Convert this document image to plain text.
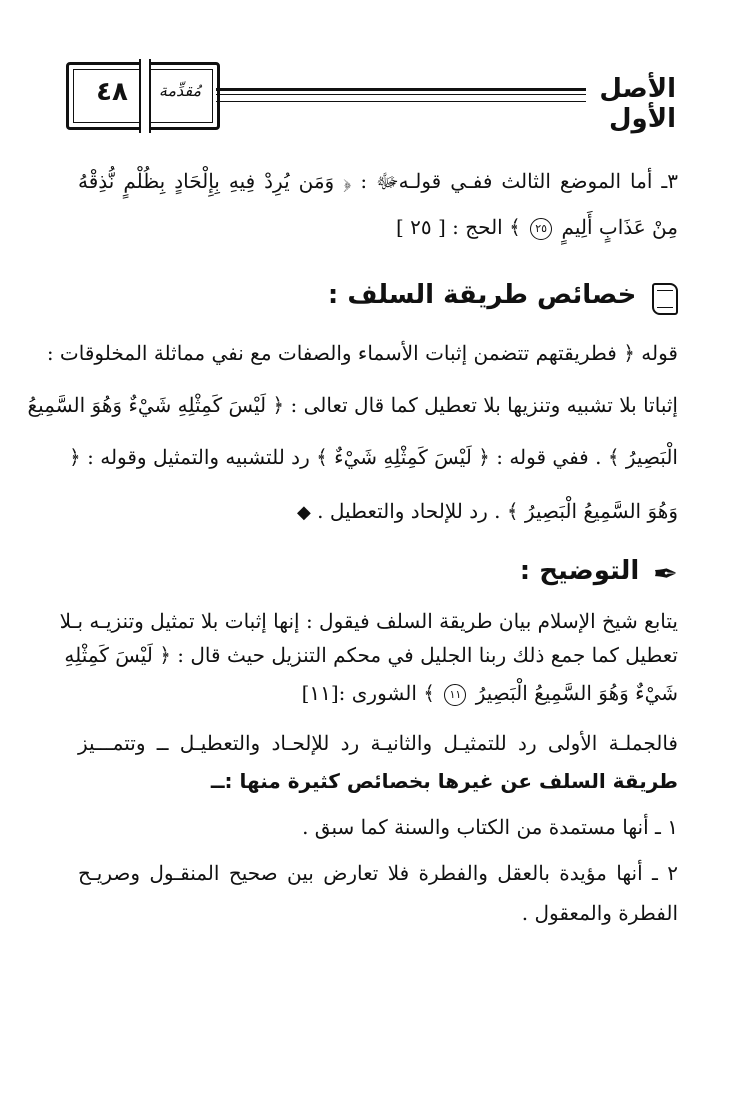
٤٨	مُقدِّمة	الأصل الأول
٣ـ أما الموضع الثالث ففـي قولـهﷻ : ﴿ وَمَن يُرِدْ فِيهِ بِإِلْحَادٍ بِظُلْمٍ نُّذِقْهُ
مِنْ عَذَابٍ أَلِيمٍ ٢٥ ﴾ الحج : [ ٢٥ ]
خصائص طريقة السلف :
قوله ﴿ فطريقتهم تتضمن إثبات الأسماء والصفات مع نفي مماثلة المخلوقات :
إثباتا بلا تشبيه وتنزيها بلا تعطيل كما قال تعالى : ﴿ لَيْسَ كَمِثْلِهِ شَيْءٌ وَهُوَ السَّمِيعُ
الْبَصِيرُ ﴾ . ففي قوله : ﴿ لَيْسَ كَمِثْلِهِ شَيْءٌ ﴾ رد للتشبيه والتمثيل وقوله : ﴿
وَهُوَ السَّمِيعُ الْبَصِيرُ ﴾ . رد للإلحاد والتعطيل . ◆
✒ التوضيح :
يتابع شيخ الإسلام بيان طريقة السلف فيقول : إنها إثبات بلا تمثيل وتنزيـه بـلا
تعطيل كما جمع ذلك ربنا الجليل في محكم التنزيل حيث قال : ﴿ لَيْسَ كَمِثْلِهِ
شَيْءٌ وَهُوَ السَّمِيعُ الْبَصِيرُ ١١ ﴾ الشورى :[١١]
فالجملـة الأولى رد للتمثيـل والثانيـة رد للإلحـاد والتعطيـل ــ وتتمـــيز
طريقة السلف عن غيرها بخصائص كثيرة منها :ــ
١ ـ أنها مستمدة من الكتاب والسنة كما سبق .
٢ ـ أنها مؤيدة بالعقل والفطرة فلا تعارض بين صحيح المنقـول وصريـح
الفطرة والمعقول .
